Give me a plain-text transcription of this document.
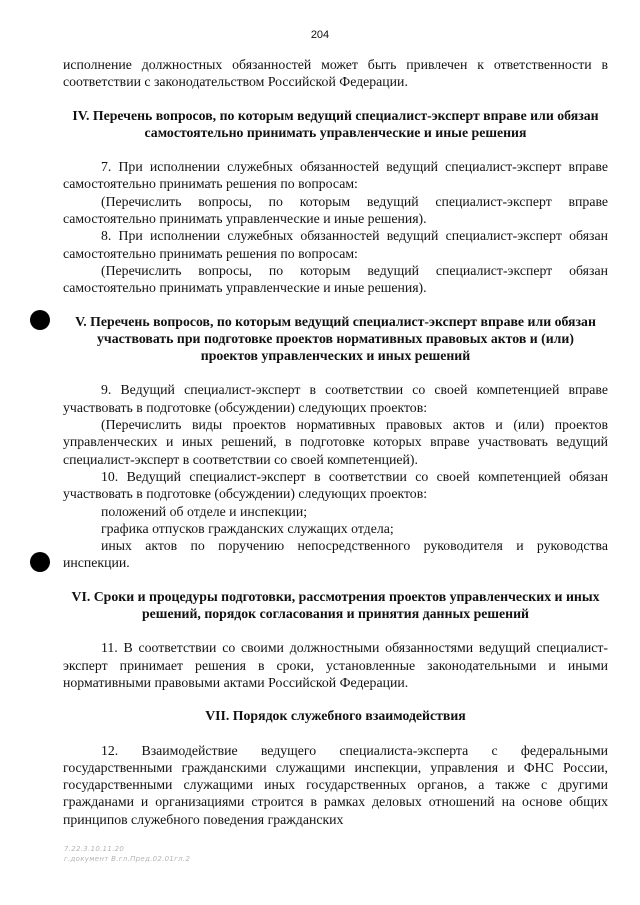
204

исполнение должностных обязанностей может быть привлечен к ответственности в соответствии с законодательством Российской Федерации.

IV. Перечень вопросов, по которым ведущий специалист-эксперт вправе или обязан самостоятельно принимать управленческие и иные решения

7. При исполнении служебных обязанностей ведущий специалист-эксперт вправе самостоятельно принимать решения по вопросам:

(Перечислить вопросы, по которым ведущий специалист-эксперт вправе самостоятельно принимать управленческие и иные решения).

8. При исполнении служебных обязанностей ведущий специалист-эксперт обязан самостоятельно принимать решения по вопросам:

(Перечислить вопросы, по которым ведущий специалист-эксперт обязан самостоятельно принимать управленческие и иные решения).

V. Перечень вопросов, по которым ведущий специалист-эксперт вправе или обязан участвовать при подготовке проектов нормативных правовых актов и (или) проектов управленческих и иных решений

9. Ведущий специалист-эксперт в соответствии со своей компетенцией вправе участвовать в подготовке (обсуждении) следующих проектов:

(Перечислить виды проектов нормативных правовых актов и (или) проектов управленческих и иных решений, в подготовке которых вправе участвовать ведущий специалист-эксперт в соответствии со своей компетенцией).

10. Ведущий специалист-эксперт в соответствии со своей компетенцией обязан участвовать в подготовке (обсуждении) следующих проектов:

положений об отделе и инспекции;

графика отпусков гражданских служащих отдела;

иных актов по поручению непосредственного руководителя и руководства инспекции.

VI. Сроки и процедуры подготовки, рассмотрения проектов управленческих и иных решений, порядок согласования и принятия данных решений

11. В соответствии со своими должностными обязанностями ведущий специалист-эксперт принимает решения в сроки, установленные законодательными и иными нормативными правовыми актами Российской Федерации.

VII. Порядок служебного взаимодействия

12. Взаимодействие ведущего специалиста-эксперта с федеральными государственными гражданскими служащими инспекции, управления и ФНС России, государственными служащими иных государственных органов, а также с другими гражданами и организациями строится в рамках деловых отношений на основе общих принципов служебного поведения гражданских

7.22.3.10.11.20
г.документ В.гл.Пред.02.01гл.2
